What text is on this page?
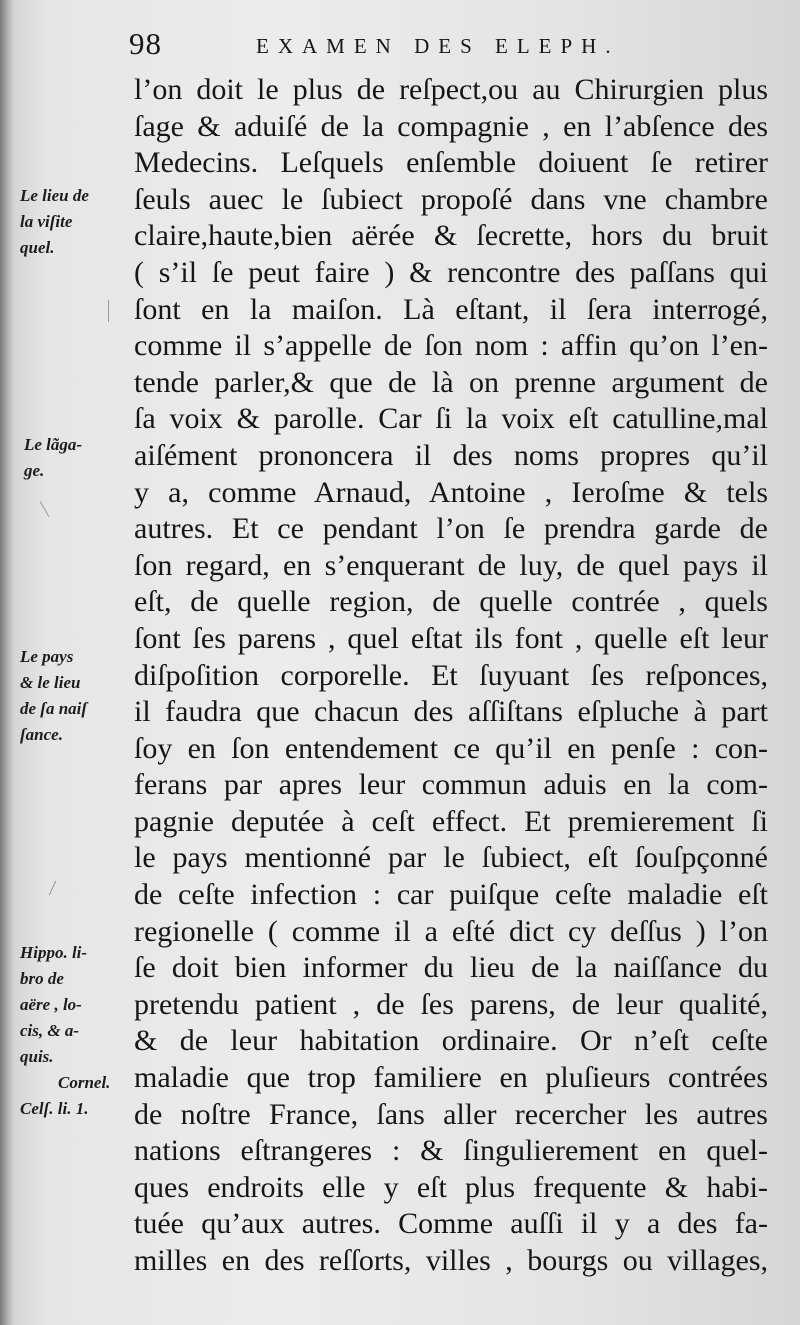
98	EXAMEN DES ELEPH.
l’on doit le plus de reſpect,ou au Chirurgien plus
ſage & aduiſé de la compagnie , en l’abſence des
Medecins. Leſquels enſemble doiuent ſe retirer
ſeuls auec le ſubiect propoſé dans vne chambre
claire,haute,bien aërée & ſecrette, hors du bruit
( s’il ſe peut faire ) & rencontre des paſſans qui
ſont en la maiſon. Là eſtant, il ſera interrogé,
comme il s’appelle de ſon nom : affin qu’on l’en-
tende parler,& que de là on prenne argument de
ſa voix & parolle. Car ſi la voix eſt catulline,mal
aiſément prononcera il des noms propres qu’il
y a, comme Arnaud, Antoine , Ieroſme & tels
autres. Et ce pendant l’on ſe prendra garde de
ſon regard, en s’enquerant de luy, de quel pays il
eſt, de quelle region, de quelle contrée , quels
ſont ſes parens , quel eſtat ils font , quelle eſt leur
diſpoſition corporelle. Et ſuyuant ſes reſponces,
il faudra que chacun des aſſiſtans eſpluche à part
ſoy en ſon entendement ce qu’il en penſe : con-
ferans par apres leur commun aduis en la com-
pagnie deputée à ceſt effect. Et premierement ſi
le pays mentionné par le ſubiect, eſt ſouſpçonné
de ceſte infection : car puiſque ceſte maladie eſt
regionelle ( comme il a eſté dict cy deſſus ) l’on
ſe doit bien informer du lieu de la naiſſance du
pretendu patient , de ſes parens, de leur qualité,
& de leur habitation ordinaire. Or n’eſt ceſte
maladie que trop familiere en pluſieurs contrées
de noſtre France, ſans aller recercher les autres
nations eſtrangeres : & ſingulierement en quel-
ques endroits elle y eſt plus frequente & habi-
tuée qu’aux autres. Comme auſſi il y a des fa-
milles en des reſſorts, villes , bourgs ou villages,
Le lieu de
la viſite
quel.
Le lãga-
ge.
Le pays
& le lieu
de ſa naiſ
ſance.
Hippo. li-
bro de
aëre , lo-
cis, & a-
quis.
Cornel.
Celſ. li. 1.
